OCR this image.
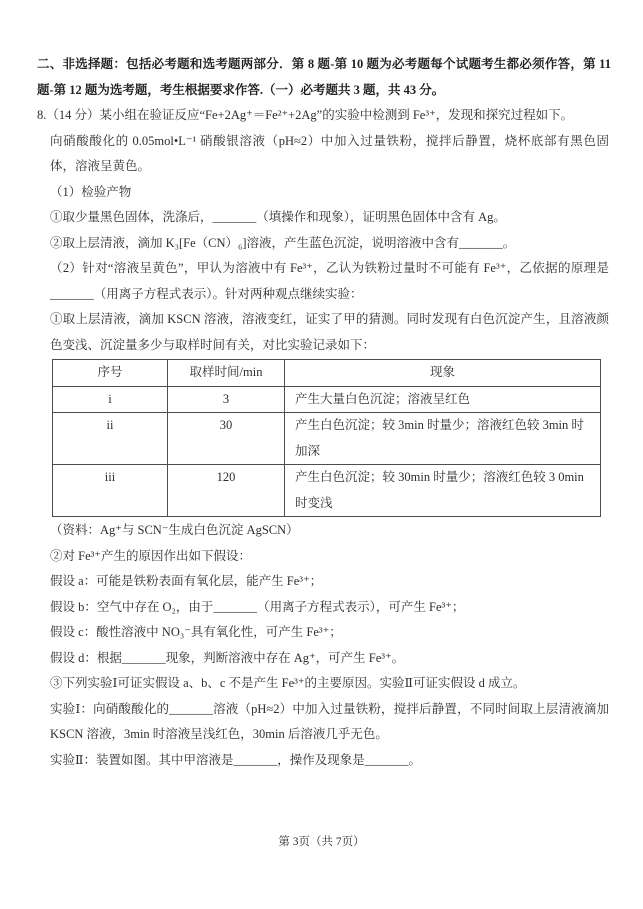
二、非选择题：包括必考题和选考题两部分．第 8 题-第 10 题为必考题每个试题考生都必须作答，第 11 题-第 12 题为选考题，考生根据要求作答.（一）必考题共 3 题，共 43 分。

8.（14 分）某小组在验证反应“Fe+2Ag⁺＝Fe²⁺+2Ag”的实验中检测到 Fe³⁺，发现和探究过程如下。

向硝酸酸化的 0.05mol•L⁻¹ 硝酸银溶液（pH≈2）中加入过量铁粉，搅拌后静置，烧杯底部有黑色固体，溶液呈黄色。

（1）检验产物

①取少量黑色固体，洗涤后，_______（填操作和现象），证明黑色固体中含有 Ag。

②取上层清液，滴加 K₃[Fe（CN）₆]溶液，产生蓝色沉淀，说明溶液中含有_______。

（2）针对“溶液呈黄色”，甲认为溶液中有 Fe³⁺，乙认为铁粉过量时不可能有 Fe³⁺，乙依据的原理是_______（用离子方程式表示）。针对两种观点继续实验：

①取上层清液，滴加 KSCN 溶液，溶液变红，证实了甲的猜测。同时发现有白色沉淀产生，且溶液颜色变浅、沉淀量多少与取样时间有关，对比实验记录如下：

序号	取样时间/min	现象
i	3	产生大量白色沉淀；溶液呈红色
ii	30	产生白色沉淀；较 3min 时量少；溶液红色较 3min 时加深
iii	120	产生白色沉淀；较 30min 时量少；溶液红色较 3 0min 时变浅

（资料：Ag⁺与 SCN⁻生成白色沉淀 AgSCN）

②对 Fe³⁺产生的原因作出如下假设：

假设 a：可能是铁粉表面有氧化层，能产生 Fe³⁺；

假设 b：空气中存在 O₂，由于_______（用离子方程式表示），可产生 Fe³⁺；

假设 c：酸性溶液中 NO₃⁻具有氧化性，可产生 Fe³⁺；

假设 d：根据_______现象，判断溶液中存在 Ag⁺，可产生 Fe³⁺。

③下列实验Ⅰ可证实假设 a、b、c 不是产生 Fe³⁺的主要原因。实验Ⅱ可证实假设 d 成立。

实验Ⅰ：向硝酸酸化的_______溶液（pH≈2）中加入过量铁粉，搅拌后静置，不同时间取上层清液滴加 KSCN 溶液，3min 时溶液呈浅红色，30min 后溶液几乎无色。

实验Ⅱ：装置如图。其中甲溶液是_______，操作及现象是_______。

第 3页（共 7页）
